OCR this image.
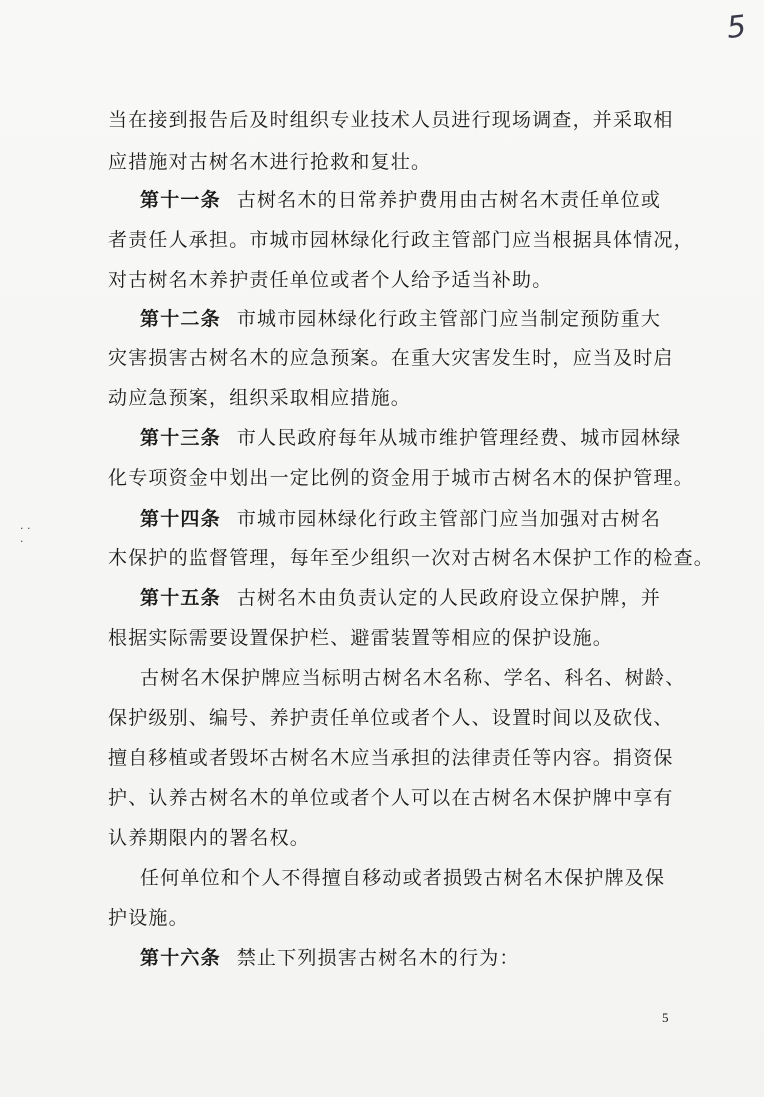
5
· ·
·
当在接到报告后及时组织专业技术人员进行现场调查，并采取相
应措施对古树名木进行抢救和复壮。
第十一条 古树名木的日常养护费用由古树名木责任单位或
者责任人承担。市城市园林绿化行政主管部门应当根据具体情况，
对古树名木养护责任单位或者个人给予适当补助。
第十二条 市城市园林绿化行政主管部门应当制定预防重大
灾害损害古树名木的应急预案。在重大灾害发生时，应当及时启
动应急预案，组织采取相应措施。
第十三条 市人民政府每年从城市维护管理经费、城市园林绿
化专项资金中划出一定比例的资金用于城市古树名木的保护管理。
第十四条 市城市园林绿化行政主管部门应当加强对古树名
木保护的监督管理，每年至少组织一次对古树名木保护工作的检查。
第十五条 古树名木由负责认定的人民政府设立保护牌，并
根据实际需要设置保护栏、避雷装置等相应的保护设施。
古树名木保护牌应当标明古树名木名称、学名、科名、树龄、
保护级别、编号、养护责任单位或者个人、设置时间以及砍伐、
擅自移植或者毁坏古树名木应当承担的法律责任等内容。捐资保
护、认养古树名木的单位或者个人可以在古树名木保护牌中享有
认养期限内的署名权。
任何单位和个人不得擅自移动或者损毁古树名木保护牌及保
护设施。
第十六条 禁止下列损害古树名木的行为：
5
